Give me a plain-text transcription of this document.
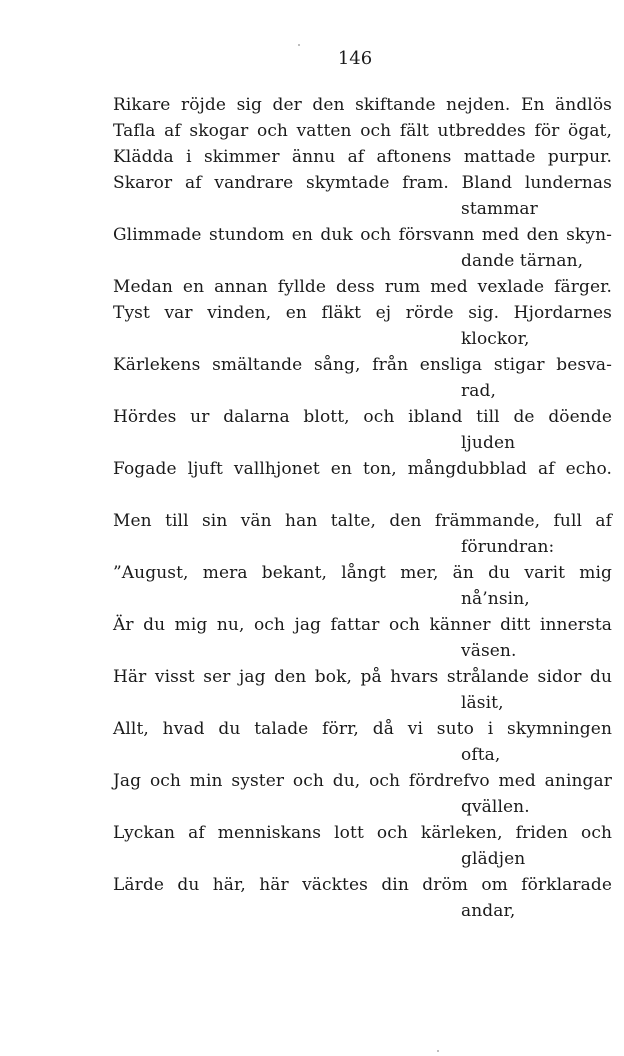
146
Rikare röjde sig der den skiftande nejden. En ändlös
Tafla af skogar och vatten och fält utbreddes för ögat,
Klädda i skimmer ännu af aftonens mattade purpur.
Skaror af vandrare skymtade fram. Bland lundernas
stammar
Glimmade stundom en duk och försvann med den skyn-
dande tärnan,
Medan en annan fyllde dess rum med vexlade färger.
Tyst var vinden, en fläkt ej rörde sig. Hjordarnes
klockor,
Kärlekens smältande sång, från ensliga stigar besva-
rad,
Hördes ur dalarna blott, och ibland till de döende
ljuden
Fogade ljuft vallhjonet en ton, mångdubblad af echo.
Men till sin vän han talte, den främmande, full af
förundran:
”August, mera bekant, långt mer, än du varit mig
nå’nsin,
Är du mig nu, och jag fattar och känner ditt innersta
väsen.
Här visst ser jag den bok, på hvars strålande sidor du
läsit,
Allt, hvad du talade förr, då vi suto i skymningen
ofta,
Jag och min syster och du, och fördrefvo med aningar
qvällen.
Lyckan af menniskans lott och kärleken, friden och
glädjen
Lärde du här, här väcktes din dröm om förklarade
andar,
